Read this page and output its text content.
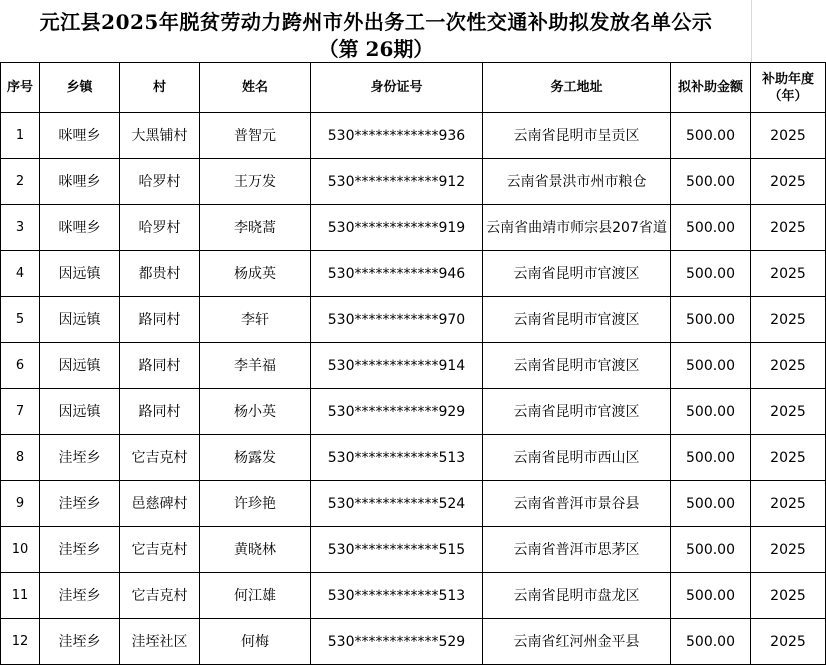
元江县2025年脱贫劳动力跨州市外出务工一次性交通补助拟发放名单公示
（第 26期）
序号	乡镇	村	姓名	身份证号	务工地址	拟补助金额	补助年度（年）
1	咪哩乡	大黑铺村	普智元	530************936	云南省昆明市呈贡区	500.00	2025
2	咪哩乡	哈罗村	王万发	530************912	云南省景洪市州市粮仓	500.00	2025
3	咪哩乡	哈罗村	李晓蒿	530************919	云南省曲靖市师宗县207省道	500.00	2025
4	因远镇	都贵村	杨成英	530************946	云南省昆明市官渡区	500.00	2025
5	因远镇	路同村	李轩	530************970	云南省昆明市官渡区	500.00	2025
6	因远镇	路同村	李羊福	530************914	云南省昆明市官渡区	500.00	2025
7	因远镇	路同村	杨小英	530************929	云南省昆明市官渡区	500.00	2025
8	洼垤乡	它吉克村	杨露发	530************513	云南省昆明市西山区	500.00	2025
9	洼垤乡	邑慈碑村	许珍艳	530************524	云南省普洱市景谷县	500.00	2025
10	洼垤乡	它吉克村	黄晓林	530************515	云南省普洱市思茅区	500.00	2025
11	洼垤乡	它吉克村	何江雄	530************513	云南省昆明市盘龙区	500.00	2025
12	洼垤乡	洼垤社区	何梅	530************529	云南省红河州金平县	500.00	2025
